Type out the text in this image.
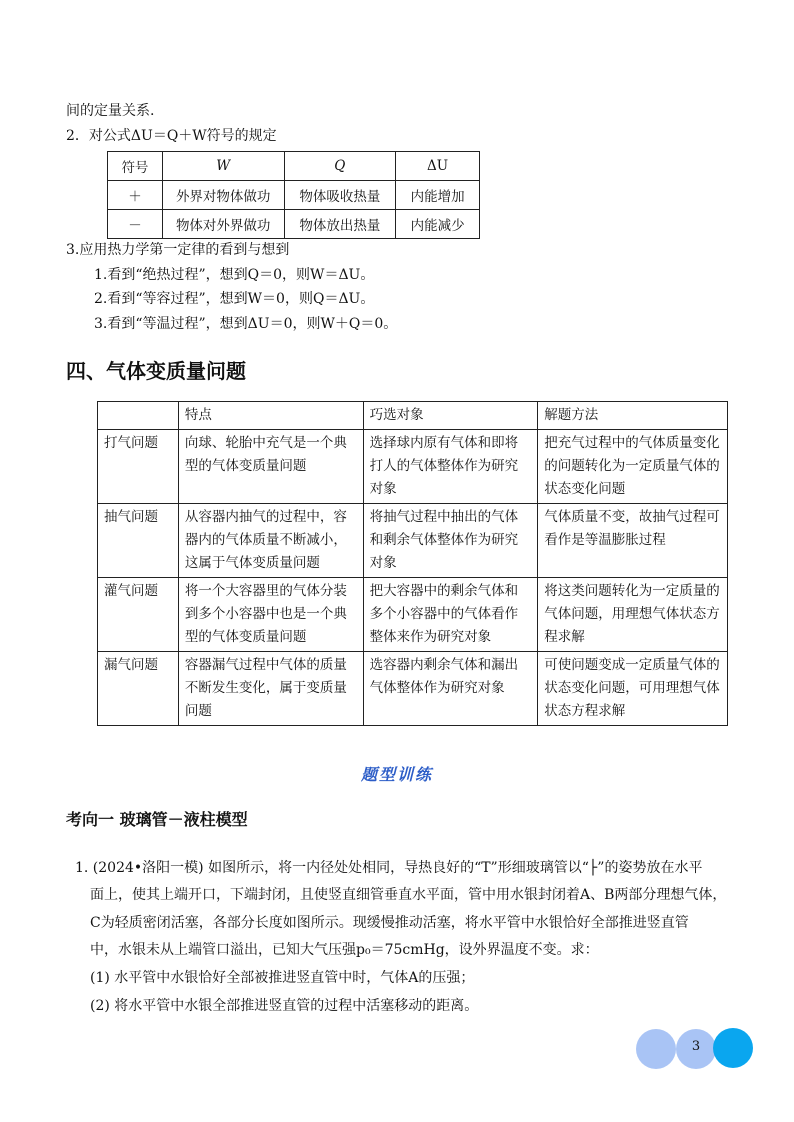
间的定量关系.
2．对公式ΔU＝Q＋W符号的规定
符号	W	Q	ΔU
＋	外界对物体做功	物体吸收热量	内能增加
－	物体对外界做功	物体放出热量	内能减少
3.应用热力学第一定律的看到与想到
1.看到“绝热过程”，想到Q＝0，则W＝ΔU。
2.看到“等容过程”，想到W＝0，则Q＝ΔU。
3.看到“等温过程”，想到ΔU＝0，则W＋Q＝0。
四、气体变质量问题
	特点	巧选对象	解题方法
打气问题	向球、轮胎中充气是一个典型的气体变质量问题	选择球内原有气体和即将打人的气体整体作为研究对象	把充气过程中的气体质量变化的问题转化为一定质量气体的状态变化问题
抽气问题	从容器内抽气的过程中，容器内的气体质量不断减小，这属于气体变质量问题	将抽气过程中抽出的气体和剩余气体整体作为研究对象	气体质量不变，故抽气过程可看作是等温膨胀过程
灌气问题	将一个大容器里的气体分装到多个小容器中也是一个典型的气体变质量问题	把大容器中的剩余气体和多个小容器中的气体看作整体来作为研究对象	将这类问题转化为一定质量的气体问题，用理想气体状态方程求解
漏气问题	容器漏气过程中气体的质量不断发生变化，属于变质量问题	选容器内剩余气体和漏出气体整体作为研究对象	可使问题变成一定质量气体的状态变化问题，可用理想气体状态方程求解
题型训练
考向一 玻璃管－液柱模型
1. (2024•洛阳一模) 如图所示，将一内径处处相同，导热良好的“T”形细玻璃管以“├”的姿势放在水平
面上，使其上端开口，下端封闭，且使竖直细管垂直水平面，管中用水银封闭着A、B两部分理想气体，
C为轻质密闭活塞，各部分长度如图所示。现缓慢推动活塞，将水平管中水银恰好全部推进竖直管
中，水银未从上端管口溢出，已知大气压强p₀＝75cmHg，设外界温度不变。求：
(1) 水平管中水银恰好全部被推进竖直管中时，气体A的压强；
(2) 将水平管中水银全部推进竖直管的过程中活塞移动的距离。
3
